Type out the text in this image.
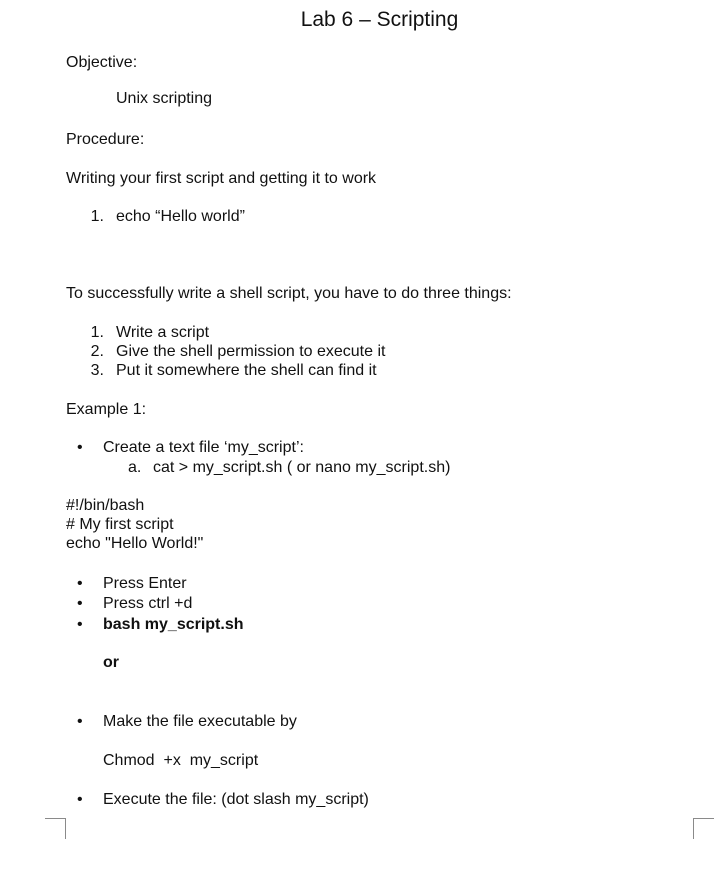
Lab 6 – Scripting
Objective:
Unix scripting
Procedure:
Writing your first script and getting it to work
1. echo “Hello world”
To successfully write a shell script, you have to do three things:
1. Write a script
2. Give the shell permission to execute it
3. Put it somewhere the shell can find it
Example 1:
• Create a text file ‘my_script’:
a. cat > my_script.sh ( or nano my_script.sh)
#!/bin/bash
# My first script
echo "Hello World!"
• Press Enter
• Press ctrl +d
• bash my_script.sh
or
• Make the file executable by
Chmod  +x  my_script
• Execute the file: (dot slash my_script)
